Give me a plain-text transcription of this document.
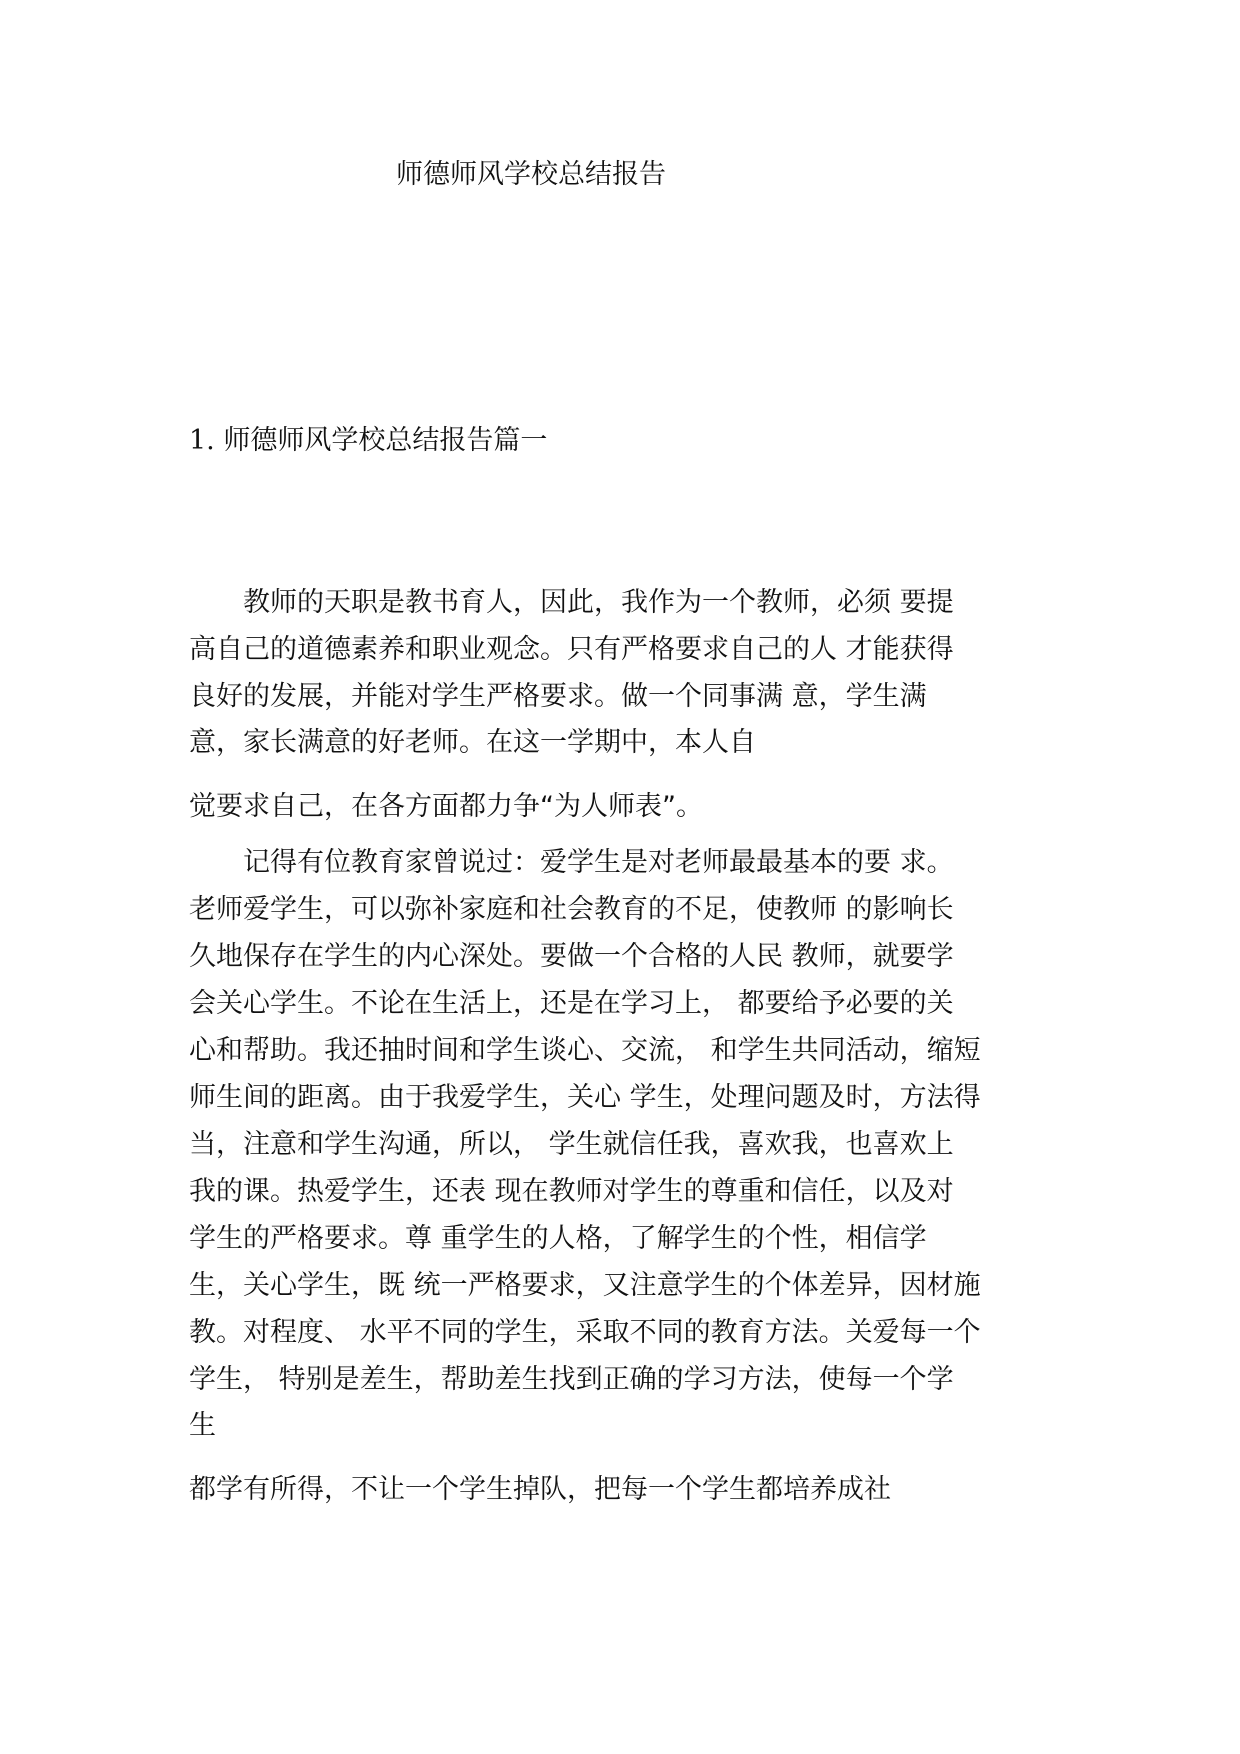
师德师风学校总结报告
1. 师德师风学校总结报告篇一
　　教师的天职是教书育人，因此，我作为一个教师，必须 要提
高自己的道德素养和职业观念。只有严格要求自己的人 才能获得
良好的发展，并能对学生严格要求。做一个同事满 意，学生满
意，家长满意的好老师。在这一学期中，本人自
觉要求自己，在各方面都力争“为人师表”。
　　记得有位教育家曾说过：爱学生是对老师最最基本的要 求。
老师爱学生，可以弥补家庭和社会教育的不足，使教师 的影响长
久地保存在学生的内心深处。要做一个合格的人民 教师，就要学
会关心学生。不论在生活上，还是在学习上， 都要给予必要的关
心和帮助。我还抽时间和学生谈心、交流， 和学生共同活动，缩短
师生间的距离。由于我爱学生，关心 学生，处理问题及时，方法得
当，注意和学生沟通，所以， 学生就信任我，喜欢我，也喜欢上
我的课。热爱学生，还表 现在教师对学生的尊重和信任，以及对
学生的严格要求。尊 重学生的人格，了解学生的个性，相信学
生，关心学生，既 统一严格要求，又注意学生的个体差异，因材施
教。对程度、 水平不同的学生，采取不同的教育方法。关爱每一个
学生， 特别是差生，帮助差生找到正确的学习方法，使每一个学
生
都学有所得，不让一个学生掉队，把每一个学生都培养成社
